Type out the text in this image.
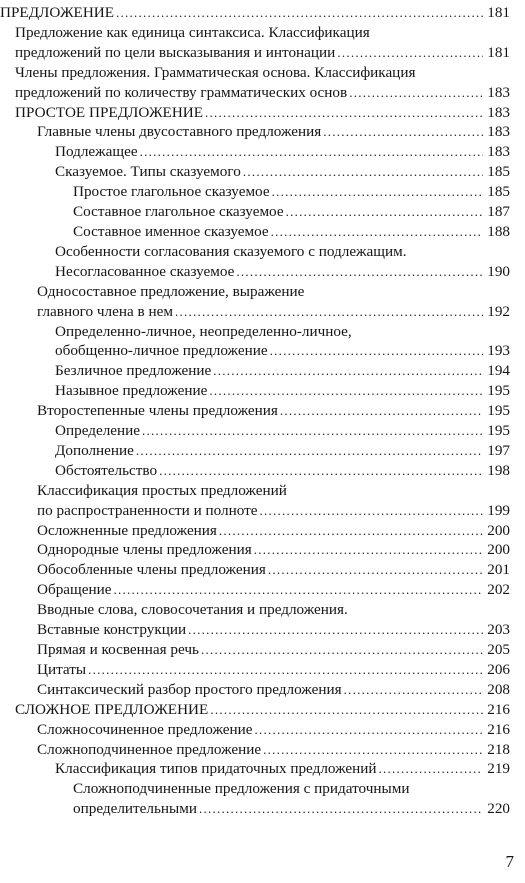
ПРЕДЛОЖЕНИЕ . . .	181
Предложение как единица синтаксиса. Классификация
предложений по цели высказывания и интонации . . .	181
Члены предложения. Грамматическая основа. Классификация
предложений по количеству грамматических основ . . .	183
ПРОСТОЕ ПРЕДЛОЖЕНИЕ . . .	183
Главные члены двусоставного предложения . . .	183
Подлежащее . . .	183
Сказуемое. Типы сказуемого . . .	185
Простое глагольное сказуемое . . .	185
Составное глагольное сказуемое . . .	187
Составное именное сказуемое . . .	188
Особенности согласования сказуемого с подлежащим.
Несогласованное сказуемое . . .	190
Односоставное предложение, выражение
главного члена в нем . . .	192
Определенно-личное, неопределенно-личное,
обобщенно-личное предложение . . .	193
Безличное предложение . . .	194
Назывное предложение . . .	195
Второстепенные члены предложения . . .	195
Определение . . .	195
Дополнение . . .	197
Обстоятельство . . .	198
Классификация простых предложений
по распространенности и полноте . . .	199
Осложненные предложения . . .	200
Однородные члены предложения . . .	200
Обособленные члены предложения . . .	201
Обращение . . .	202
Вводные слова, словосочетания и предложения.
Вставные конструкции . . .	203
Прямая и косвенная речь . . .	205
Цитаты . . .	206
Синтаксический разбор простого предложения . . .	208
СЛОЖНОЕ ПРЕДЛОЖЕНИЕ . . .	216
Сложносочиненное предложение . . .	216
Сложноподчиненное предложение . . .	218
Классификация типов придаточных предложений . . .	219
Сложноподчиненные предложения с придаточными
определительными . . .	220
7
